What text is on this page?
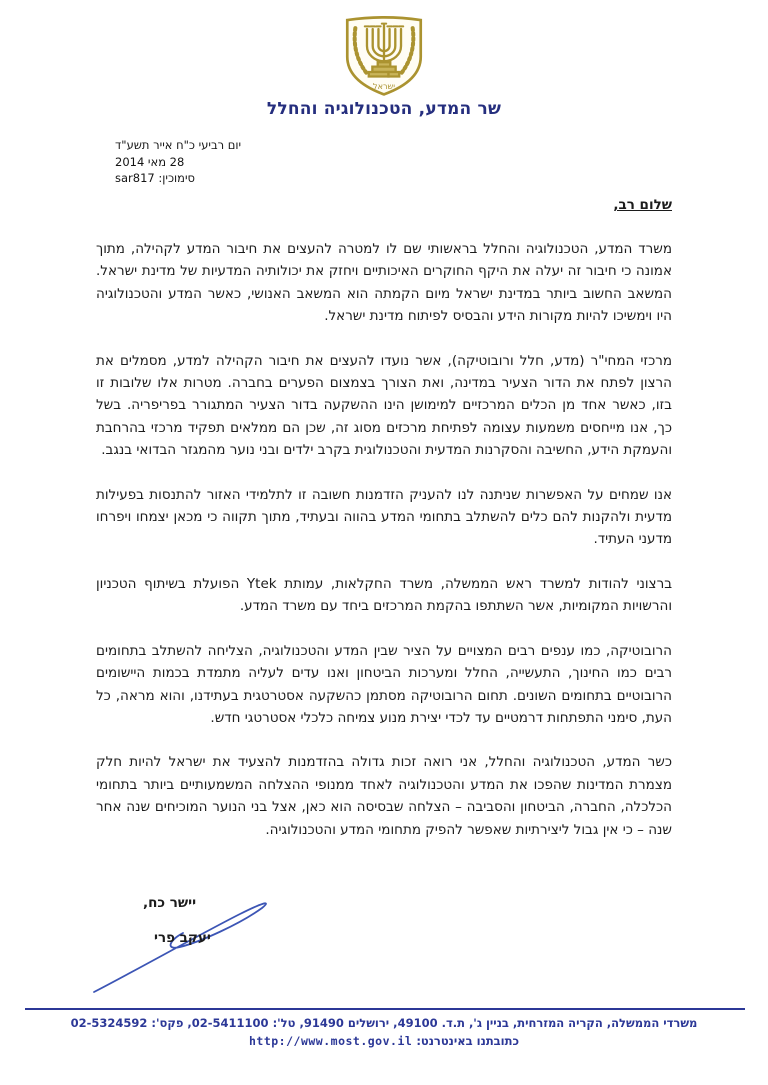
ישראל
שר המדע, הטכנולוגיה והחלל
יום רביעי כ"ח אייר תשע"ד
28 מאי 2014
סימוכין: sar817
שלום רב,

משרד המדע, הטכנולוגיה והחלל בראשותי שם לו למטרה להעצים את חיבור המדע לקהילה, מתוך אמונה כי חיבור זה יעלה את היקף החוקרים האיכותיים ויחזק את יכולותיה המדעיות של מדינת ישראל. המשאב החשוב ביותר במדינת ישראל מיום הקמתה הוא המשאב האנושי, כאשר המדע והטכנולוגיה היו וימשיכו להיות מקורות הידע והבסיס לפיתוח מדינת ישראל.

מרכזי המחי"ר (מדע, חלל ורובוטיקה), אשר נועדו להעצים את חיבור הקהילה למדע, מסמלים את הרצון לפתח את הדור הצעיר במדינה, ואת הצורך בצמצום הפערים בחברה. מטרות אלו שלובות זו בזו, כאשר אחד מן הכלים המרכזיים למימושן הינו ההשקעה בדור הצעיר המתגורר בפריפריה. בשל כך, אנו מייחסים משמעות עצומה לפתיחת מרכזים מסוג זה, שכן הם ממלאים תפקיד מרכזי בהרחבת והעמקת הידע, החשיבה והסקרנות המדעית והטכנולוגית בקרב ילדים ובני נוער מהמגזר הבדואי בנגב.

אנו שמחים על האפשרות שניתנה לנו להעניק הזדמנות חשובה זו לתלמידי האזור להתנסות בפעילות מדעית ולהקנות להם כלים להשתלב בתחומי המדע בהווה ובעתיד, מתוך תקווה כי מכאן יצמחו ויפרחו מדעני העתיד.

ברצוני להודות למשרד ראש הממשלה, משרד החקלאות, עמותת Ytek הפועלת בשיתוף הטכניון והרשויות המקומיות, אשר השתתפו בהקמת המרכזים ביחד עם משרד המדע.

הרובוטיקה, כמו ענפים רבים המצויים על הציר שבין המדע והטכנולוגיה, הצליחה להשתלב בתחומים רבים כמו החינוך, התעשייה, החלל ומערכות הביטחון ואנו עדים לעליה מתמדת בכמות היישומים הרובוטיים בתחומים השונים. תחום הרובוטיקה מסתמן כהשקעה אסטרטגית בעתידנו, והוא מראה, כל העת, סימני התפתחות דרמטיים עד לכדי יצירת מנוע צמיחה כלכלי אסטרטגי חדש.

כשר המדע, הטכנולוגיה והחלל, אני רואה זכות גדולה בהזדמנות להצעיד את ישראל להיות חלק מצמרת המדינות שהפכו את המדע והטכנולוגיה לאחד ממנופי ההצלחה המשמעותיים ביותר בתחומי הכלכלה, החברה, הביטחון והסביבה – הצלחה שבסיסה הוא כאן, אצל בני הנוער המוכיחים שנה אחר שנה – כי אין גבול ליצירתיות שאפשר להפיק מתחומי המדע והטכנולוגיה.

יישר כח,
יעקב פרי
משרדי הממשלה, הקריה המזרחית, בניין ג', ת.ד. 49100, ירושלים 91490, טל': 02-5411100, פקס': 02-5324592
כתובתנו באינטרנט: http://www.most.gov.il
